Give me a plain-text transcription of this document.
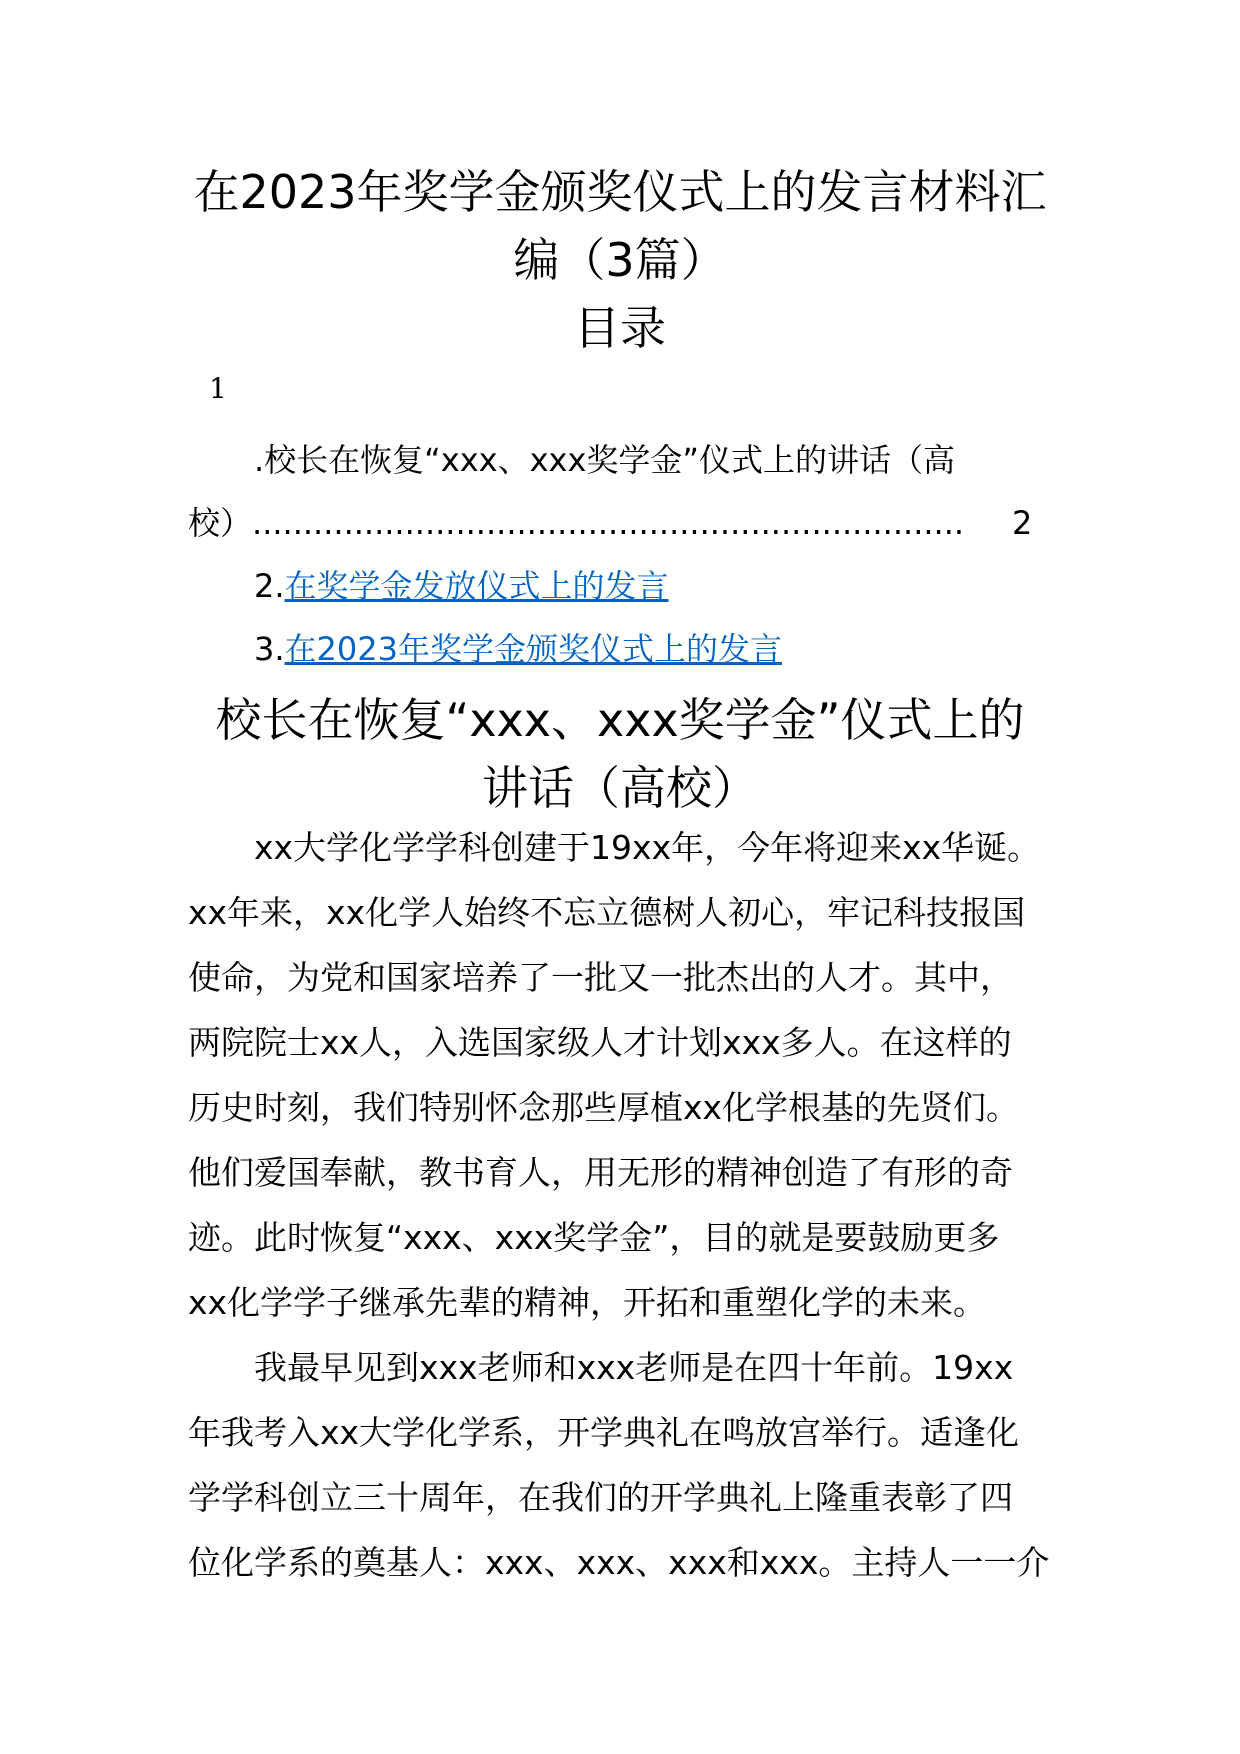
在2023年奖学金颁奖仪式上的发言材料汇
编（3篇）
目录
1
.校长在恢复“xxx、xxx奖学金”仪式上的讲话（高
校）...................................................................... 2
2.在奖学金发放仪式上的发言
3.在2023年奖学金颁奖仪式上的发言
校长在恢复“xxx、xxx奖学金”仪式上的
讲话（高校）
xx大学化学学科创建于19xx年，今年将迎来xx华诞。
xx年来，xx化学人始终不忘立德树人初心，牢记科技报国
使命，为党和国家培养了一批又一批杰出的人才。其中，
两院院士xx人，入选国家级人才计划xxx多人。在这样的
历史时刻，我们特别怀念那些厚植xx化学根基的先贤们。
他们爱国奉献，教书育人，用无形的精神创造了有形的奇
迹。此时恢复“xxx、xxx奖学金”，目的就是要鼓励更多
xx化学学子继承先辈的精神，开拓和重塑化学的未来。
我最早见到xxx老师和xxx老师是在四十年前。19xx
年我考入xx大学化学系，开学典礼在鸣放宫举行。适逢化
学学科创立三十周年，在我们的开学典礼上隆重表彰了四
位化学系的奠基人：xxx、xxx、xxx和xxx。主持人一一介
